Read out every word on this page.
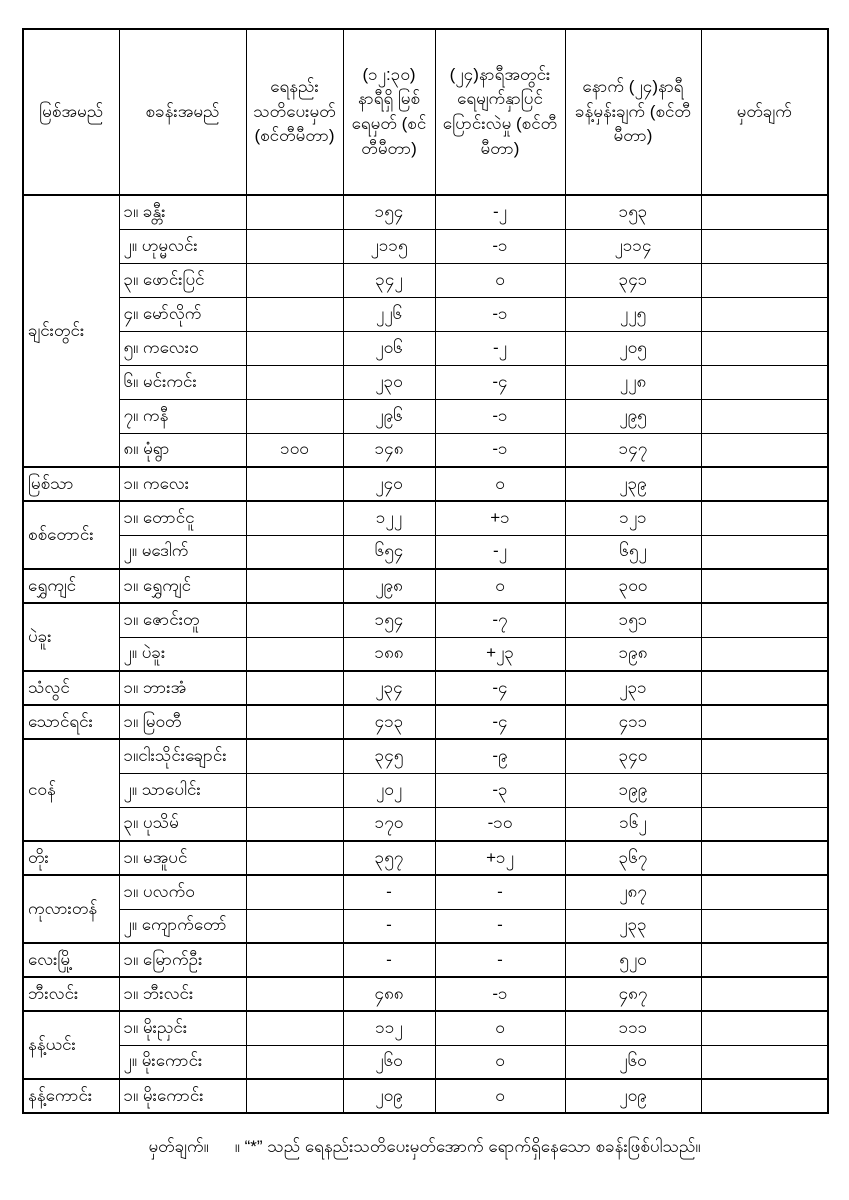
မြစ်အမည်	စခန်းအမည်	ရေနည်း သတိပေးမှတ် (စင်တီမီတာ)	(၁၂:၃၀) နာရီရှိ မြစ်ရေမှတ် (စင်တီမီတာ)	(၂၄)နာရီအတွင်း ရေမျက်နှာပြင် ပြောင်းလဲမှု (စင်တီမီတာ)	နောက် (၂၄)နာရီ ခန့်မှန်းချက် (စင်တီမီတာ)	မှတ်ချက်
ချင်းတွင်း	၁။ ခန္တီး		၁၅၄	-၂	၁၅၃	
	၂။ ဟုမ္မလင်း		၂၁၁၅	-၁	၂၁၁၄	
	၃။ ဖောင်းပြင်		၃၄၂	၀	၃၄၁	
	၄။ မော်လိုက်		၂၂၆	-၁	၂၂၅	
	၅။ ကလေးဝ		၂၀၆	-၂	၂၀၅	
	၆။ မင်းကင်း		၂၃၀	-၄	၂၂၈	
	၇။ ကနီ		၂၉၆	-၁	၂၉၅	
	၈။ မုံရွာ	၁၀၀	၁၄၈	-၁	၁၄၇	
မြစ်သာ	၁။ ကလေး		၂၄၀	၀	၂၃၉	
စစ်တောင်း	၁။ တောင်ငူ		၁၂၂	+၁	၁၂၁	
	၂။ မဒေါက်		၆၅၄	-၂	၆၅၂	
ရွှေကျင်	၁။ ရွှေကျင်		၂၉၈	၀	၃၀၀	
ပဲခူး	၁။ ဇောင်းတူ		၁၅၄	-၇	၁၅၁	
	၂။ ပဲခူး		၁၈၈	+၂၃	၁၉၈	
သံလွင်	၁။ ဘားအံ		၂၃၄	-၄	၂၃၁	
သောင်ရင်း	၁။ မြဝတီ		၄၁၃	-၄	၄၁၁	
ငဝန်	၁။ငါးသိုင်းချောင်း		၃၄၅	-၉	၃၄၀	
	၂။ သာပေါင်း		၂၀၂	-၃	၁၉၉	
	၃။ ပုသိမ်		၁၇၀	-၁၀	၁၆၂	
တိုး	၁။ မအူပင်		၃၅၇	+၁၂	၃၆၇	
ကုလားတန်	၁။ ပလက်ဝ		-	-	၂၈၇	
	၂။ ကျောက်တော်		-	-	၂၃၃	
လေးမြို့	၁။ မြောက်ဦး		-	-	၅၂၀	
ဘီးလင်း	၁။ ဘီးလင်း		၄၈၈	-၁	၄၈၇	
နန့်ယင်း	၁။ မိုးညှင်း		၁၁၂	၀	၁၁၁	
	၂။ မိုးကောင်း		၂၆၀	၀	၂၆၀	
နန့်ကောင်း	၁။ မိုးကောင်း		၂၀၉	၀	၂၀၉	
မှတ်ချက်။ ။ “*” သည် ရေနည်းသတိပေးမှတ်အောက် ရောက်ရှိနေသော စခန်းဖြစ်ပါသည်။
